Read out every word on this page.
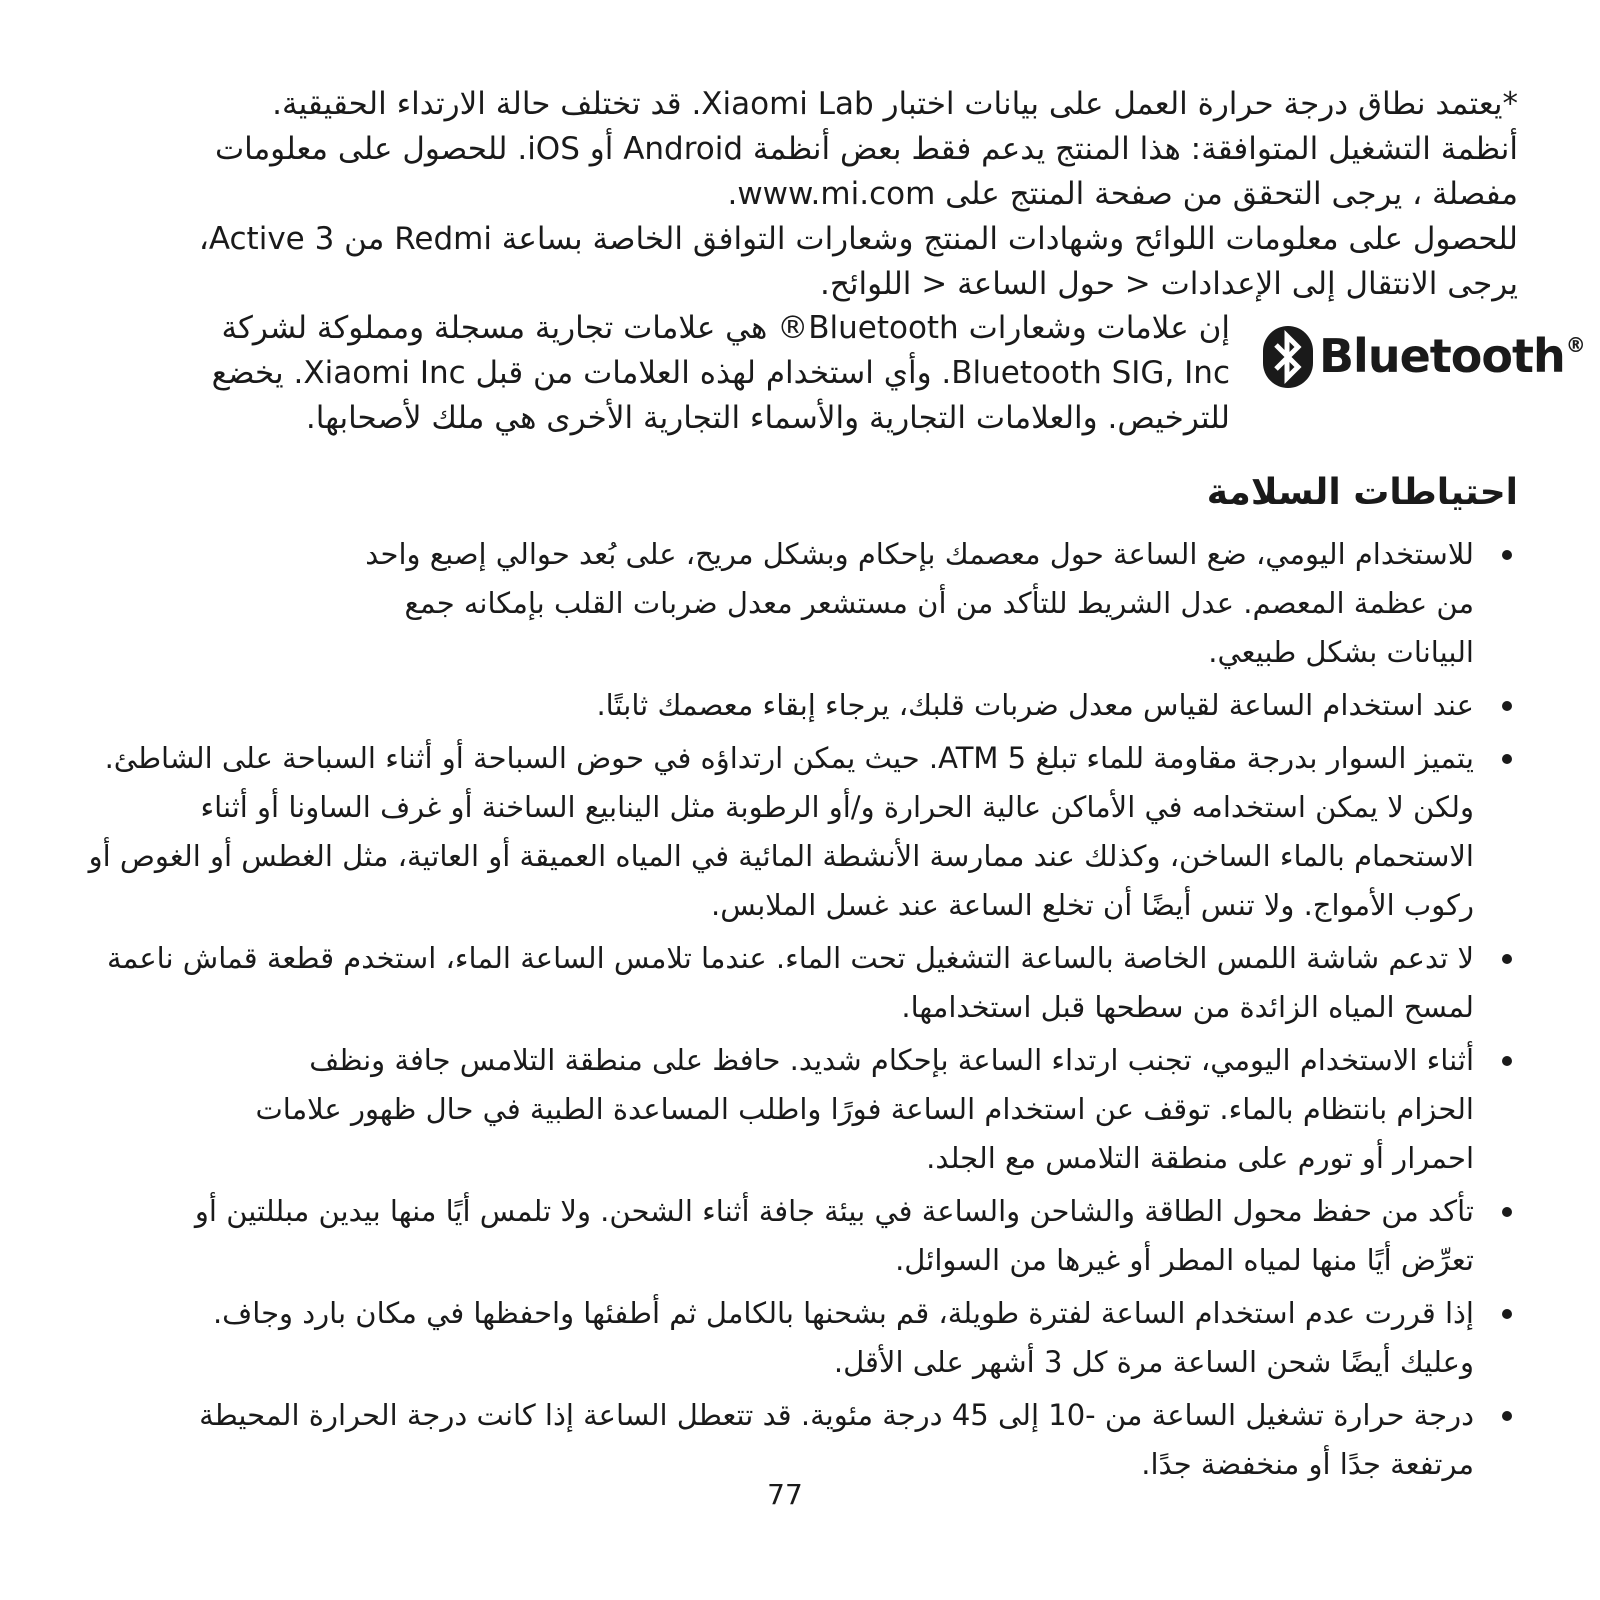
*يعتمد نطاق درجة حرارة العمل على بيانات اختبار Xiaomi Lab. قد تختلف حالة الارتداء الحقيقية.

أنظمة التشغيل المتوافقة: هذا المنتج يدعم فقط بعض أنظمة Android أو iOS. للحصول على معلومات مفصلة ، يرجى التحقق من صفحة المنتج على www.mi.com.

للحصول على معلومات اللوائح وشهادات المنتج وشعارات التوافق الخاصة بساعة Redmi من Active 3، يرجى الانتقال إلى الإعدادات < حول الساعة < اللوائح.

Bluetooth®

إن علامات وشعارات Bluetooth® هي علامات تجارية مسجلة ومملوكة لشركة Bluetooth SIG, Inc. وأي استخدام لهذه العلامات من قبل Xiaomi Inc. يخضع للترخيص. والعلامات التجارية والأسماء التجارية الأخرى هي ملك لأصحابها.

احتياطات السلامة
للاستخدام اليومي، ضع الساعة حول معصمك بإحكام وبشكل مريح، على بُعد حوالي إصبع واحد من عظمة المعصم. عدل الشريط للتأكد من أن مستشعر معدل ضربات القلب بإمكانه جمع البيانات بشكل طبيعي.
عند استخدام الساعة لقياس معدل ضربات قلبك، يرجاء إبقاء معصمك ثابتًا.
يتميز السوار بدرجة مقاومة للماء تبلغ 5 ATM. حيث يمكن ارتداؤه في حوض السباحة أو أثناء السباحة على الشاطئ. ولكن لا يمكن استخدامه في الأماكن عالية الحرارة و/أو الرطوبة مثل الينابيع الساخنة أو غرف الساونا أو أثناء الاستحمام بالماء الساخن، وكذلك عند ممارسة الأنشطة المائية في المياه العميقة أو العاتية، مثل الغطس أو الغوص أو ركوب الأمواج. ولا تنس أيضًا أن تخلع الساعة عند غسل الملابس.
لا تدعم شاشة اللمس الخاصة بالساعة التشغيل تحت الماء. عندما تلامس الساعة الماء، استخدم قطعة قماش ناعمة لمسح المياه الزائدة من سطحها قبل استخدامها.
أثناء الاستخدام اليومي، تجنب ارتداء الساعة بإحكام شديد. حافظ على منطقة التلامس جافة ونظف الحزام بانتظام بالماء. توقف عن استخدام الساعة فورًا واطلب المساعدة الطبية في حال ظهور علامات احمرار أو تورم على منطقة التلامس مع الجلد.
تأكد من حفظ محول الطاقة والشاحن والساعة في بيئة جافة أثناء الشحن. ولا تلمس أيًا منها بيدين مبللتين أو تعرِّض أيًا منها لمياه المطر أو غيرها من السوائل.
إذا قررت عدم استخدام الساعة لفترة طويلة، قم بشحنها بالكامل ثم أطفئها واحفظها في مكان بارد وجاف. وعليك أيضًا شحن الساعة مرة كل 3 أشهر على الأقل.
درجة حرارة تشغيل الساعة من -10 إلى 45 درجة مئوية. قد تتعطل الساعة إذا كانت درجة الحرارة المحيطة مرتفعة جدًا أو منخفضة جدًا.

77
